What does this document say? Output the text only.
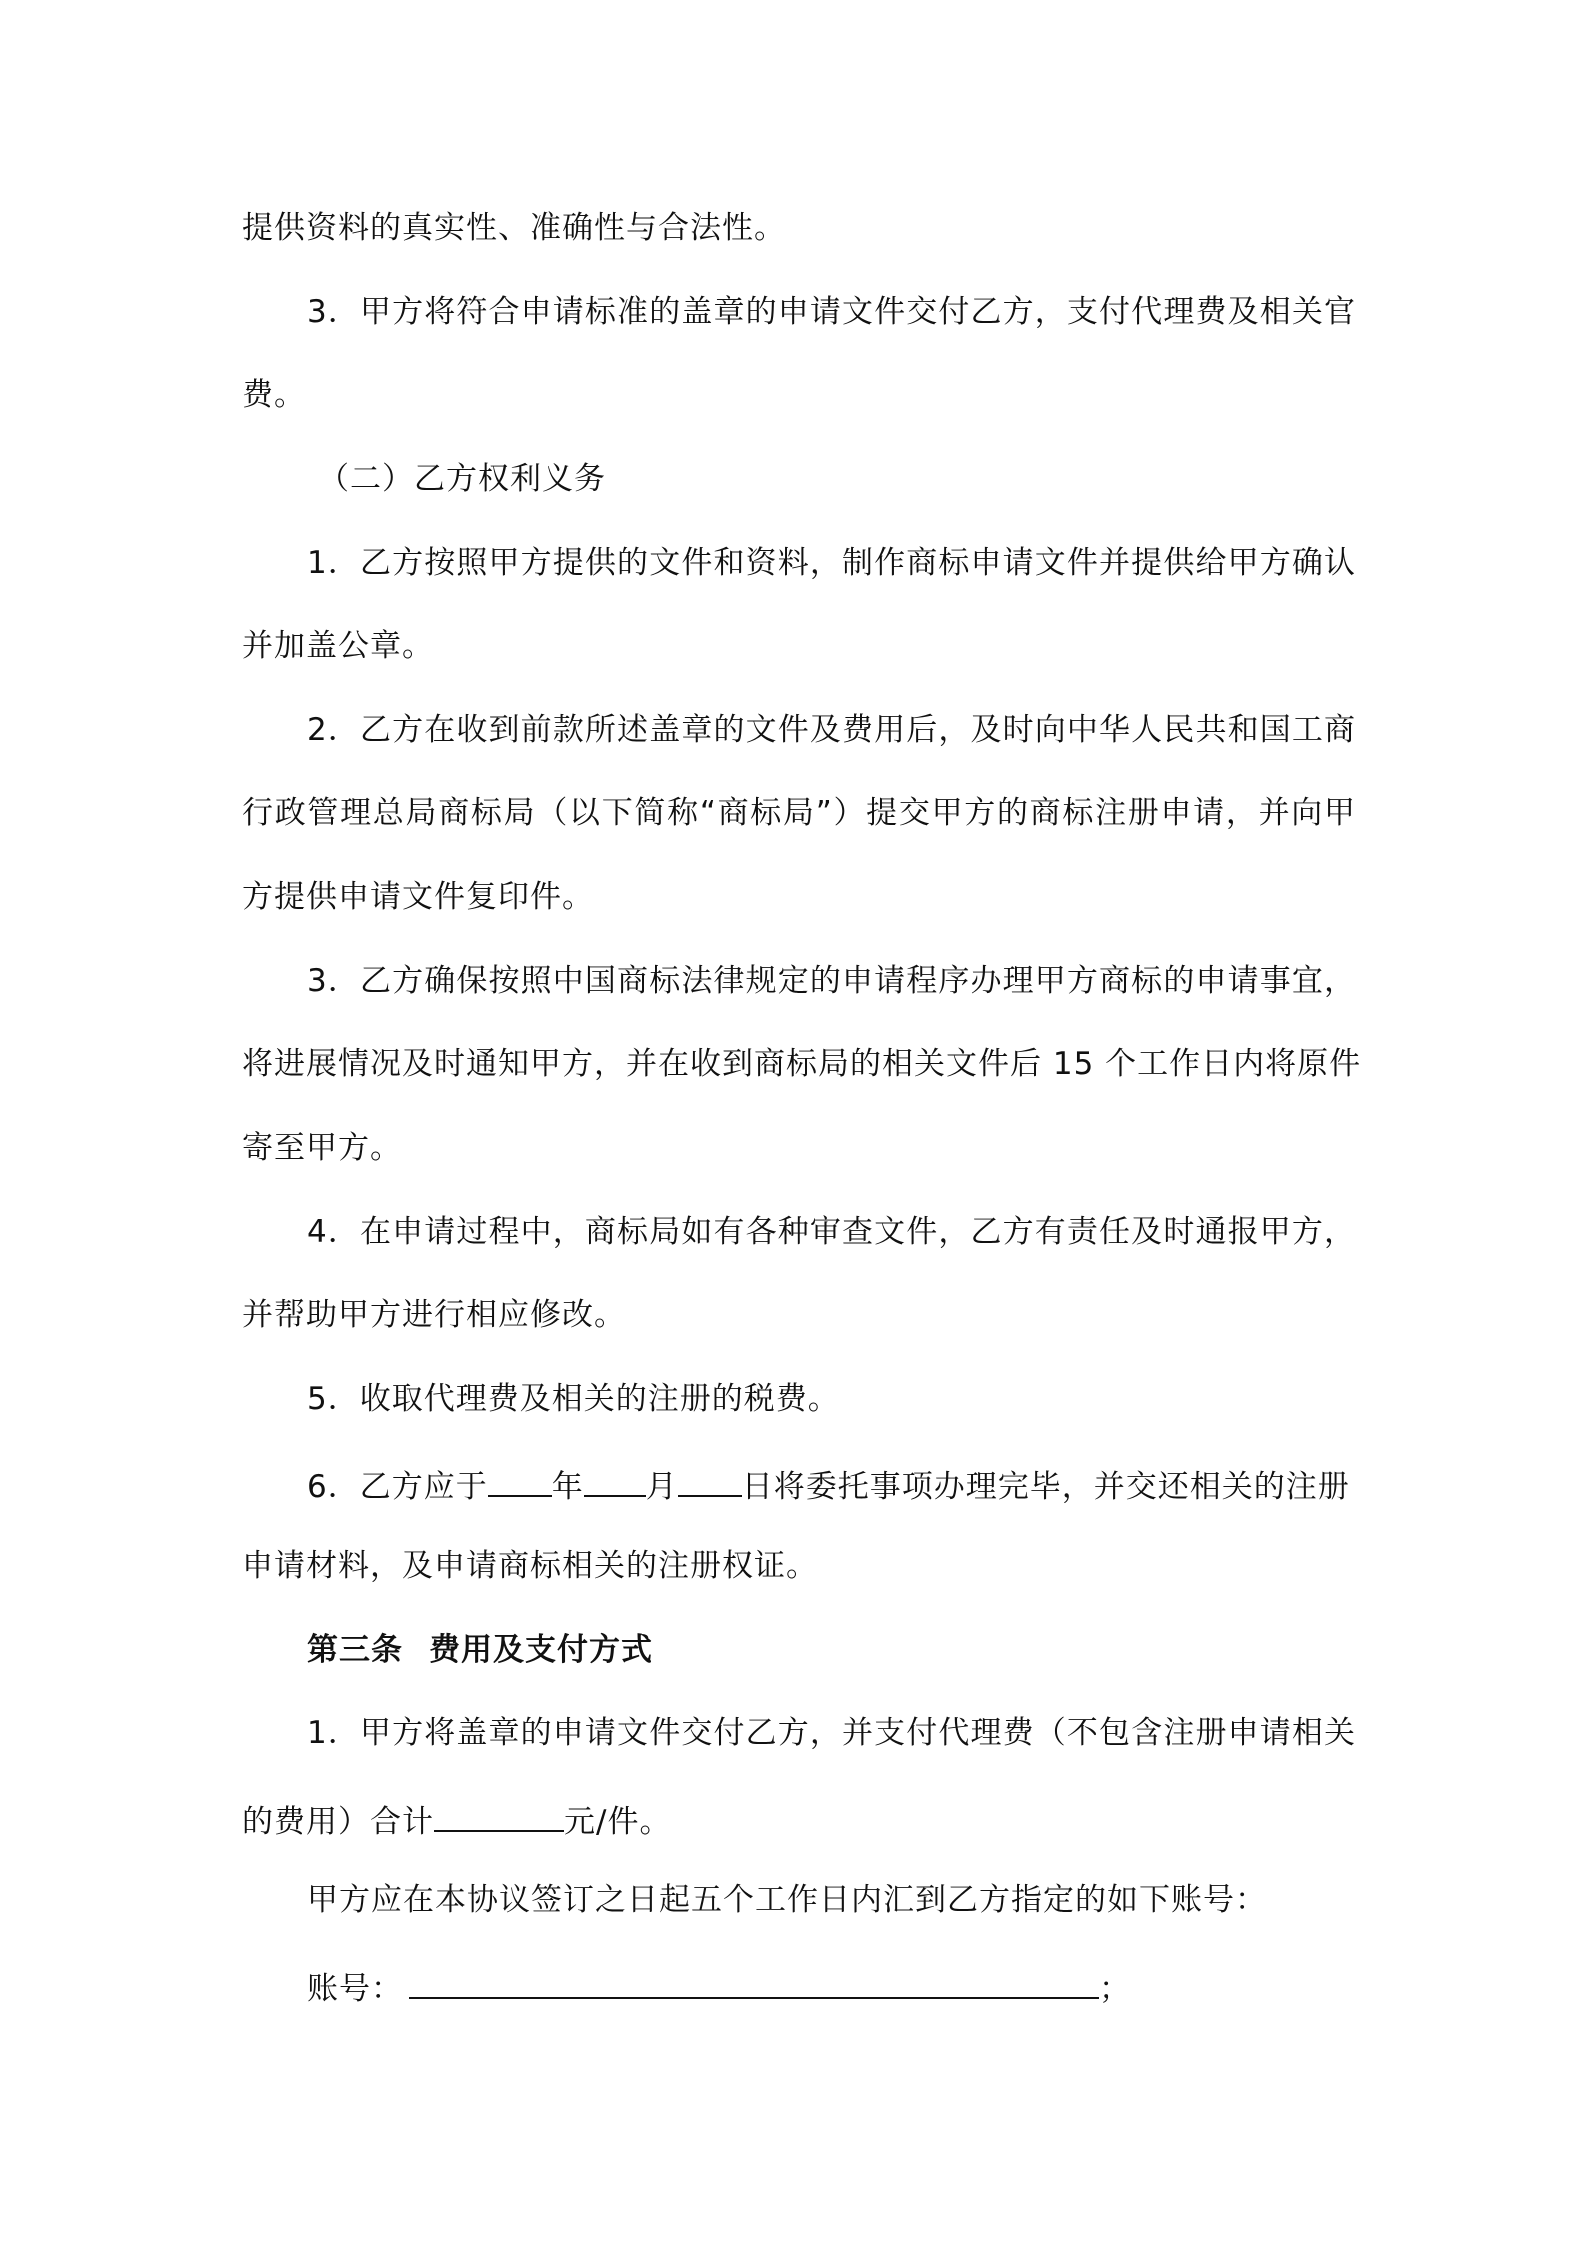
提供资料的真实性、准确性与合法性。
3．甲方将符合申请标准的盖章的申请文件交付乙方，支付代理费及相关官
费。
（二）乙方权利义务
1．乙方按照甲方提供的文件和资料，制作商标申请文件并提供给甲方确认
并加盖公章。
2．乙方在收到前款所述盖章的文件及费用后，及时向中华人民共和国工商
行政管理总局商标局（以下简称“商标局”）提交甲方的商标注册申请，并向甲
方提供申请文件复印件。
3．乙方确保按照中国商标法律规定的申请程序办理甲方商标的申请事宜，
将进展情况及时通知甲方，并在收到商标局的相关文件后 15 个工作日内将原件
寄至甲方。
4．在申请过程中，商标局如有各种审查文件，乙方有责任及时通报甲方，
并帮助甲方进行相应修改。
5．收取代理费及相关的注册的税费。
6．乙方应于 年 月 日将委托事项办理完毕，并交还相关的注册
申请材料，及申请商标相关的注册权证。
第三条 费用及支付方式
1．甲方将盖章的申请文件交付乙方，并支付代理费（不包含注册申请相关
的费用）合计	元/件。
甲方应在本协议签订之日起五个工作日内汇到乙方指定的如下账号：
账号：	；
